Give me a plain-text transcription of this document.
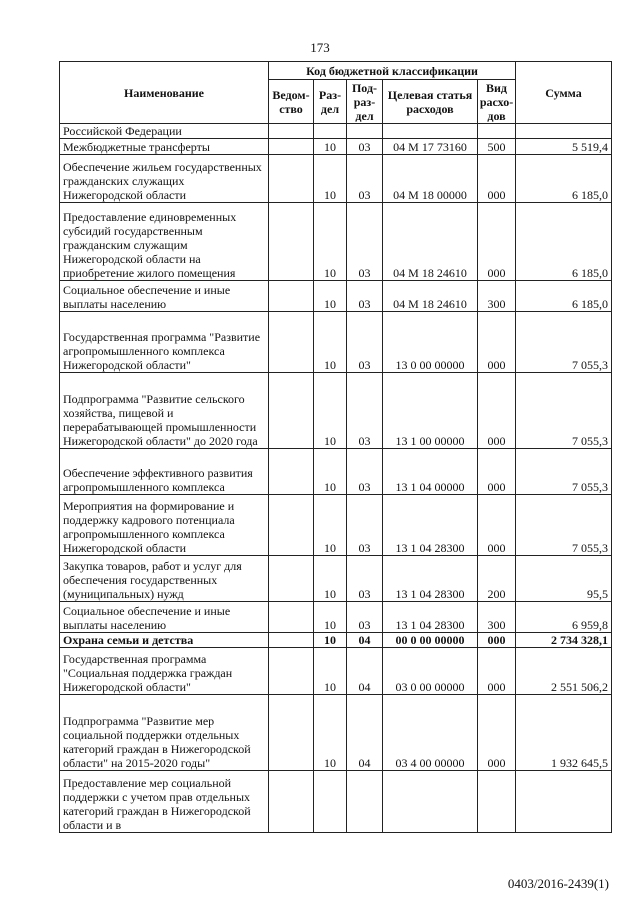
173
Наименование	Код бюджетной классификации					Сумма
	Ведом-ство	Раз-дел	Под-раз-дел	Целевая статья расходов	Вид расхо-дов	
Российской Федерации						
Межбюджетные трансферты		10	03	04 М 17 73160	500	5 519,4
Обеспечение жильем государственных гражданских служащих Нижегородской области		10	03	04 М 18 00000	000	6 185,0
Предоставление единовременных субсидий государственным гражданским служащим Нижегородской области на приобретение жилого помещения		10	03	04 М 18 24610	000	6 185,0
Социальное обеспечение и иные выплаты населению		10	03	04 М 18 24610	300	6 185,0
Государственная программа "Развитие агропромышленного комплекса Нижегородской области"		10	03	13 0 00 00000	000	7 055,3
Подпрограмма "Развитие сельского хозяйства, пищевой и перерабатывающей промышленности Нижегородской области" до 2020 года		10	03	13 1 00 00000	000	7 055,3
Обеспечение эффективного развития агропромышленного комплекса		10	03	13 1 04 00000	000	7 055,3
Мероприятия на формирование и поддержку кадрового потенциала агропромышленного комплекса Нижегородской области		10	03	13 1 04 28300	000	7 055,3
Закупка товаров, работ и услуг для обеспечения государственных (муниципальных) нужд		10	03	13 1 04 28300	200	95,5
Социальное обеспечение и иные выплаты населению		10	03	13 1 04 28300	300	6 959,8
Охрана семьи и детства		10	04	00 0 00 00000	000	2 734 328,1
Государственная программа "Социальная поддержка граждан Нижегородской области"		10	04	03 0 00 00000	000	2 551 506,2
Подпрограмма "Развитие мер социальной поддержки отдельных категорий граждан в Нижегородской области" на 2015-2020 годы"		10	04	03 4 00 00000	000	1 932 645,5
Предоставление мер социальной поддержки с учетом прав отдельных категорий граждан в Нижегородской области и в						
0403/2016-2439(1)
